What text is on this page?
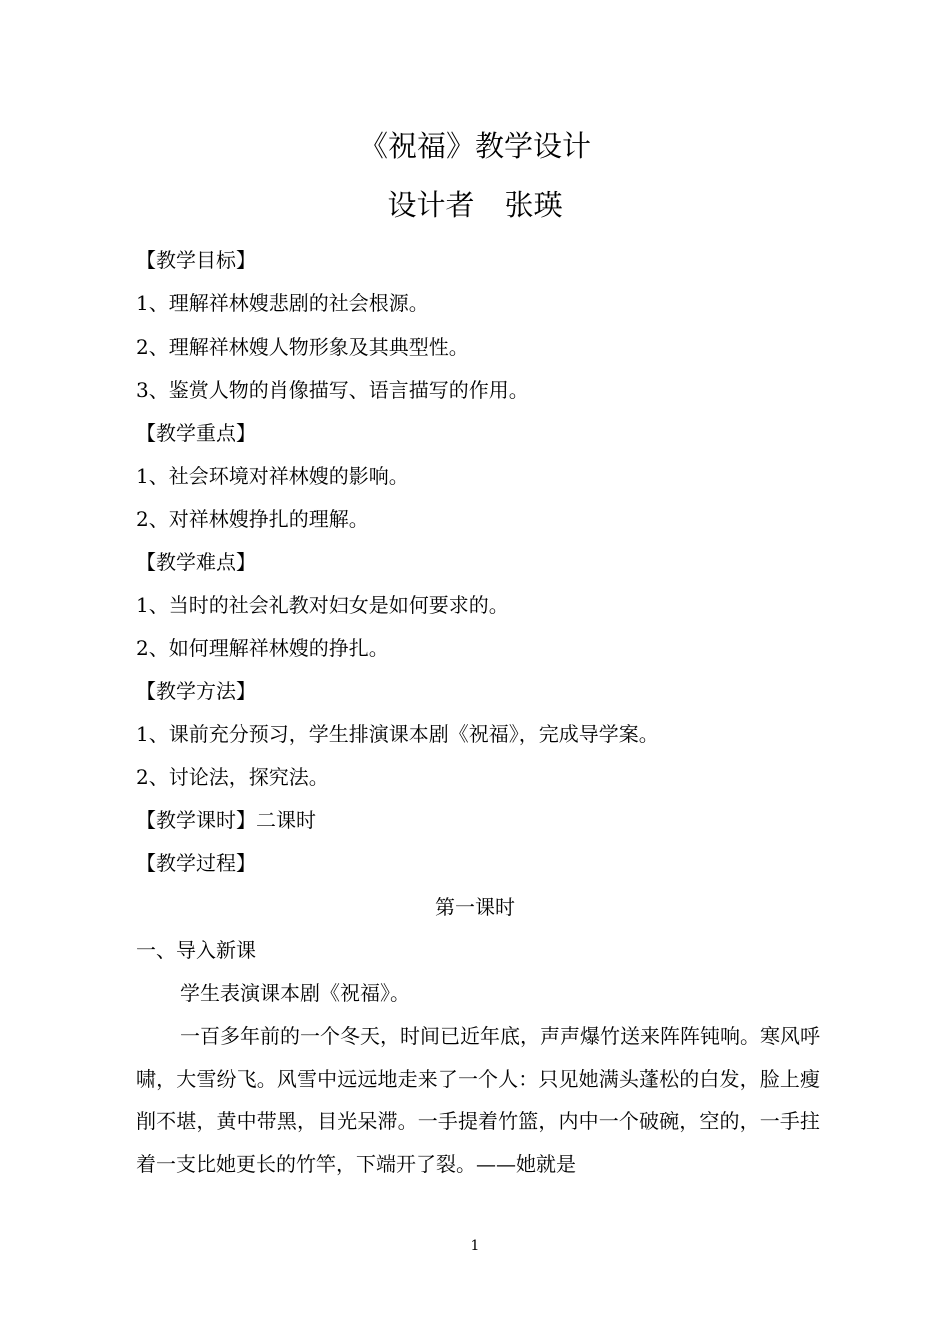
《祝福》教学设计
设计者 张瑛
【教学目标】
1、理解祥林嫂悲剧的社会根源。
2、理解祥林嫂人物形象及其典型性。
3、鉴赏人物的肖像描写、语言描写的作用。
【教学重点】
1、社会环境对祥林嫂的影响。
2、对祥林嫂挣扎的理解。
【教学难点】
1、当时的社会礼教对妇女是如何要求的。
2、如何理解祥林嫂的挣扎。
【教学方法】
1、课前充分预习，学生排演课本剧《祝福》，完成导学案。
2、讨论法，探究法。
【教学课时】二课时
【教学过程】
第一课时
一、导入新课
学生表演课本剧《祝福》。
一百多年前的一个冬天，时间已近年底，声声爆竹送来阵阵钝响。寒风呼啸，大雪纷飞。风雪中远远地走来了一个人：只见她满头蓬松的白发，脸上瘦削不堪，黄中带黑，目光呆滞。一手提着竹篮，内中一个破碗，空的，一手拄着一支比她更长的竹竿，下端开了裂。——她就是
1
